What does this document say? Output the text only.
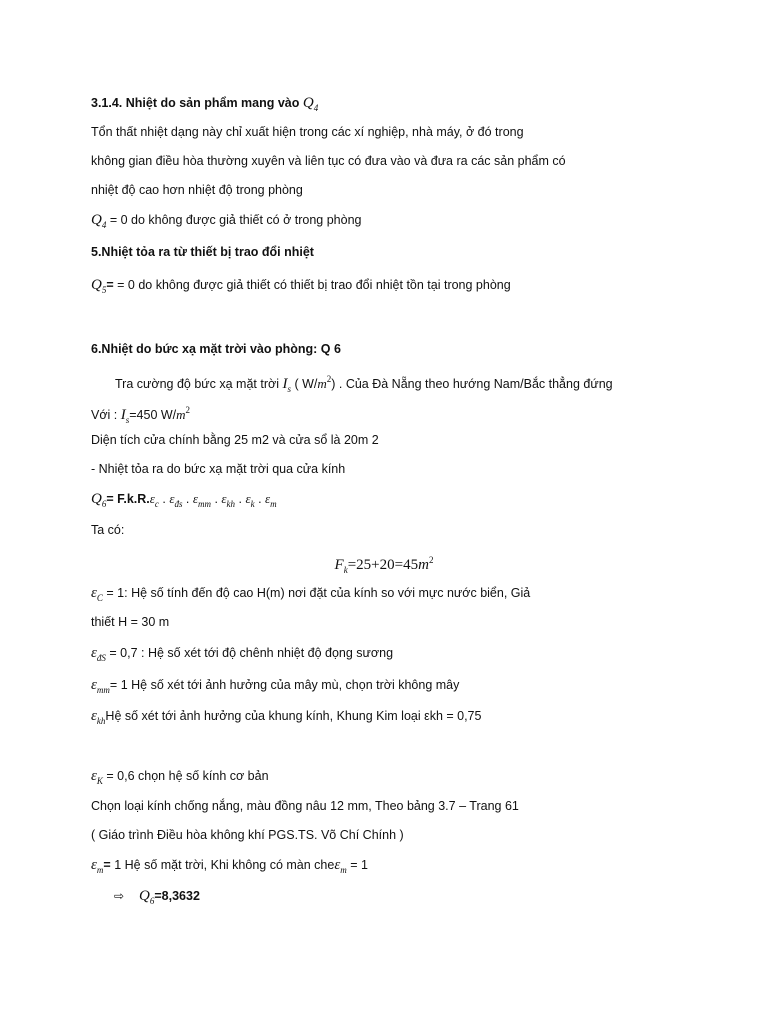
3.1.4. Nhiệt do sản phẩm mang vào $Q_4$
Tổn thất nhiệt dạng này chỉ xuất hiện trong các xí nghiệp, nhà máy, ở đó trong
không gian điều hòa thường xuyên và liên tục có đưa vào và đưa ra các sản phẩm có
nhiệt độ cao hơn nhiệt độ trong phòng
$Q_4 = 0$ do không được giả thiết có ở trong phòng
5.Nhiệt tỏa ra từ thiết bị trao đổi nhiệt
$Q_5= = 0$ do không được giả thiết có thiết bị trao đổi nhiệt tồn tại trong phòng
6.Nhiệt do bức xạ mặt trời vào phòng: Q 6
Tra cường độ bức xạ mặt trời $I_s$ ( $W/m^2$) . Của Đà Nẵng theo hướng Nam/Bắc thẳng đứng
Với : $I_s=450$ $W/m^2$
Diện tích cửa chính bằng 25 m2 và cửa sổ là 20m 2
- Nhiệt tỏa ra do bức xạ mặt trời qua cửa kính
$Q_6= F.k.R.\varepsilon_c$ . $\varepsilon_{đs}$ . $\varepsilon_{mm}$ . $\varepsilon_{kh}$ . $\varepsilon_k$ . $\varepsilon_m$
Ta có:
$F_k=25+20=45m^2$
$\varepsilon_C = 1$: Hệ số tính đến độ cao H(m) nơi đặt của kính so với mực nước biển, Giả
thiết H = 30 m
$\varepsilon_{đS} = 0,7$ : Hệ số xét tới độ chênh nhiệt độ đọng sương
$\varepsilon_{mm}= 1$ Hệ số xét tới ảnh hưởng của mây mù, chọn trời không mây
$\varepsilon_{kh}Hệ$ số xét tới ảnh hưởng của khung kính, Khung Kim loại εkh = 0,75
$\varepsilon_K = 0,6$ chọn hệ số kính cơ bản
Chọn loại kính chống nắng, màu đồng nâu 12 mm, Theo bảng 3.7 – Trang 61
( Giáo trình Điều hòa không khí PGS.TS. Võ Chí Chính )
$\varepsilon_m= 1$ Hệ số mặt trời, Khi không có màn cheε$_m$ = 1
⇨ $Q_6=8,3632$
